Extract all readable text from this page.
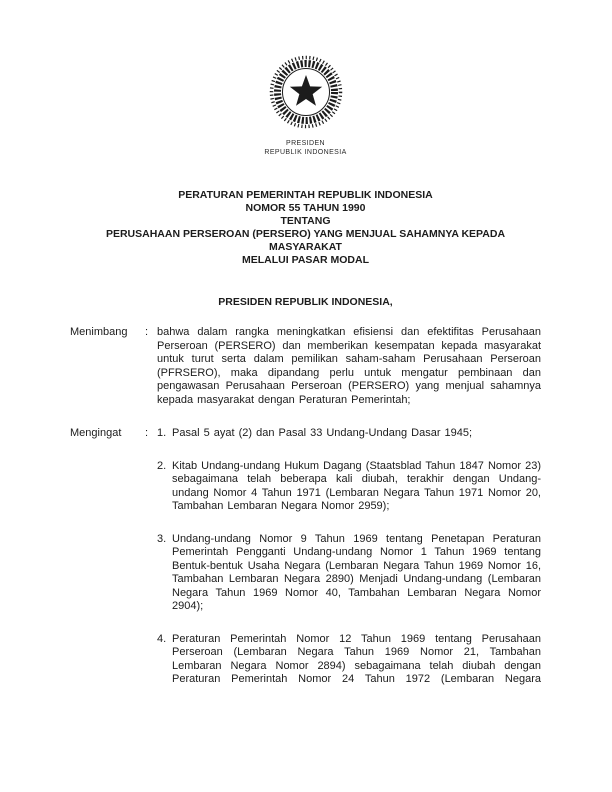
PRESIDEN
REPUBLIK INDONESIA
PERATURAN PEMERINTAH REPUBLIK INDONESIA
NOMOR 55 TAHUN 1990
TENTANG
PERUSAHAAN PERSEROAN (PERSERO) YANG MENJUAL SAHAMNYA KEPADA MASYARAKAT
MELALUI PASAR MODAL
PRESIDEN REPUBLIK INDONESIA,
Menimbang	: bahwa dalam rangka meningkatkan efisiensi dan efektifitas Perusahaan Perseroan (PERSERO) dan memberikan kesempatan kepada masyarakat untuk turut serta dalam pemilikan saham-saham Perusahaan Perseroan (PFRSERO), maka dipandang perlu untuk mengatur pembinaan dan pengawasan Perusahaan Perseroan (PERSERO) yang menjual sahamnya kepada masyarakat dengan Peraturan Pemerintah;
Mengingat	: 1. Pasal 5 ayat (2) dan Pasal 33 Undang-Undang Dasar 1945;
2. Kitab Undang-undang Hukum Dagang (Staatsblad Tahun 1847 Nomor 23) sebagaimana telah beberapa kali diubah, terakhir dengan Undang-undang Nomor 4 Tahun 1971 (Lembaran Negara Tahun 1971 Nomor 20, Tambahan Lembaran Negara Nomor 2959);
3. Undang-undang Nomor 9 Tahun 1969 tentang Penetapan Peraturan Pemerintah Pengganti Undang-undang Nomor 1 Tahun 1969 tentang Bentuk-bentuk Usaha Negara (Lembaran Negara Tahun 1969 Nomor 16, Tambahan Lembaran Negara 2890) Menjadi Undang-undang (Lembaran Negara Tahun 1969 Nomor 40, Tambahan Lembaran Negara Nomor 2904);
4. Peraturan Pemerintah Nomor 12 Tahun 1969 tentang Perusahaan Perseroan (Lembaran Negara Tahun 1969 Nomor 21, Tambahan Lembaran Negara Nomor 2894) sebagaimana telah diubah dengan Peraturan Pemerintah Nomor 24 Tahun 1972 (Lembaran Negara
